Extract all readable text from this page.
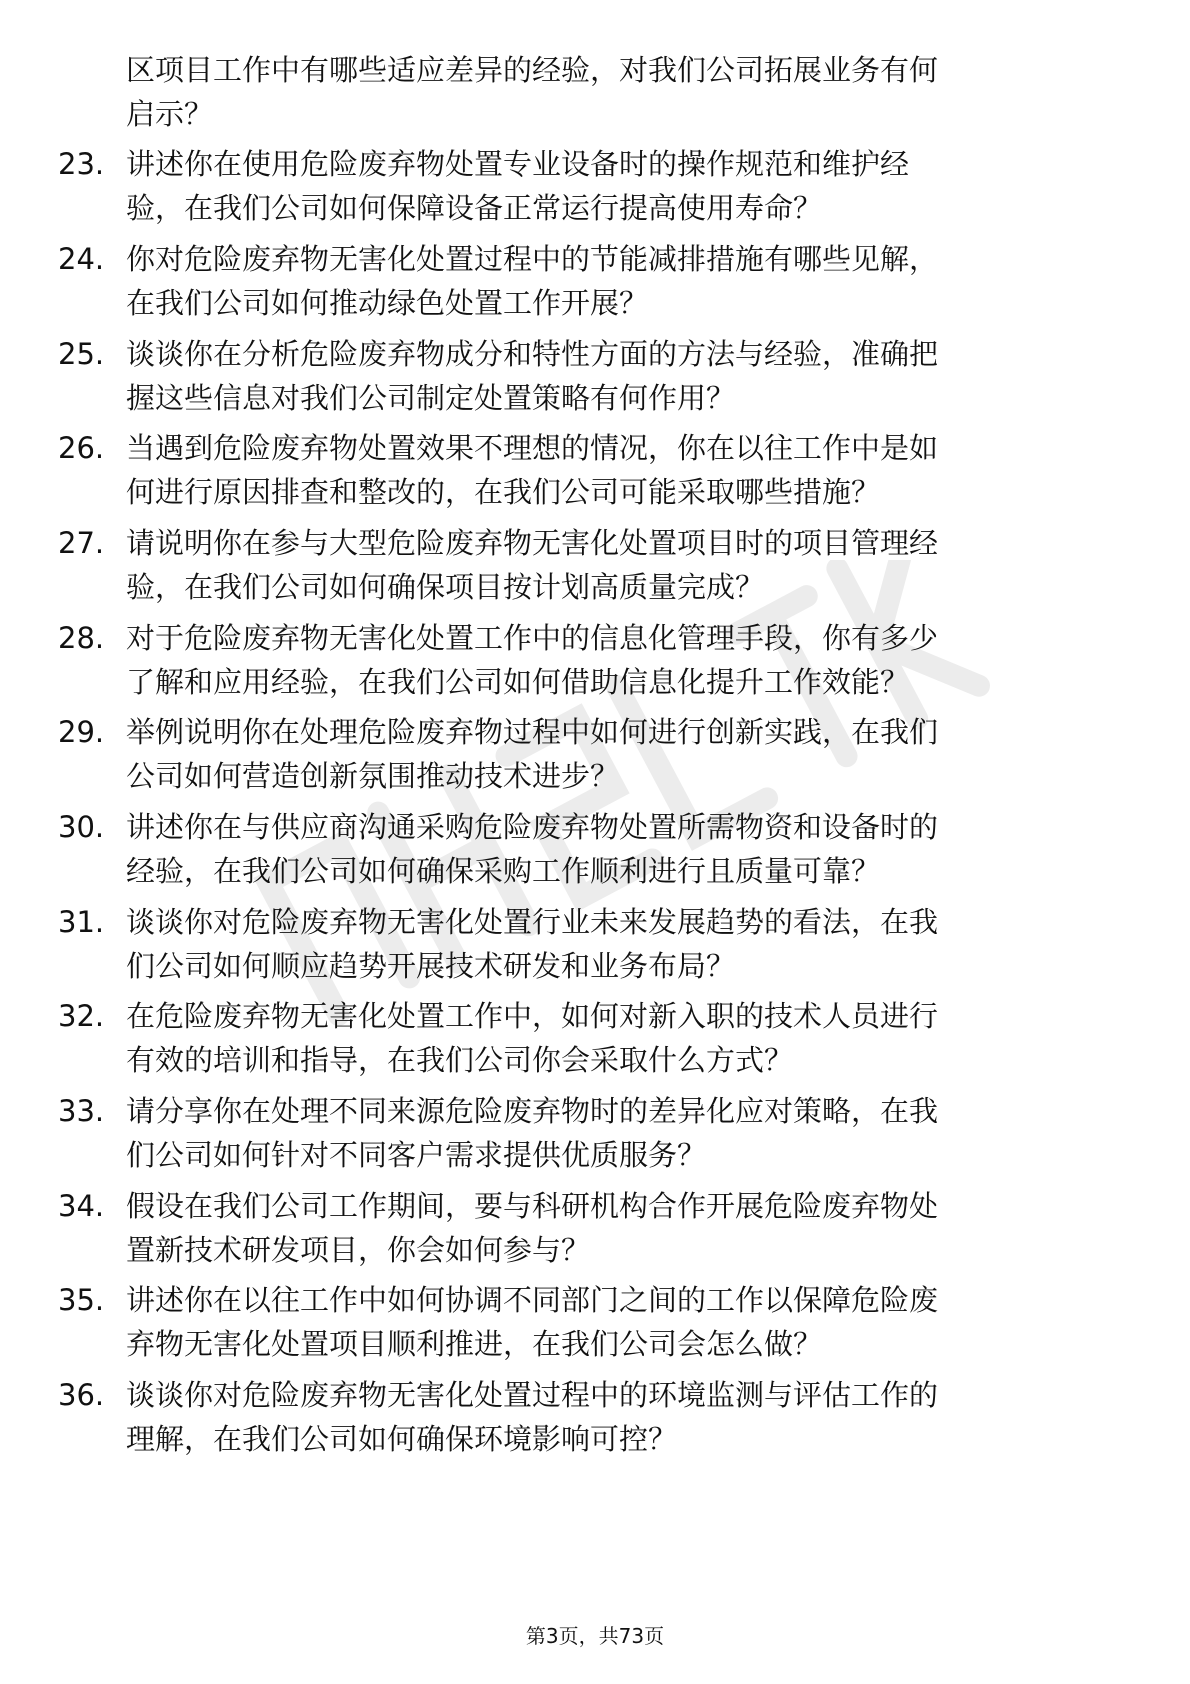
区项目工作中有哪些适应差异的经验，对我们公司拓展业务有何
启示？
23. 讲述你在使用危险废弃物处置专业设备时的操作规范和维护经
验，在我们公司如何保障设备正常运行提高使用寿命？
24. 你对危险废弃物无害化处置过程中的节能减排措施有哪些见解，
在我们公司如何推动绿色处置工作开展？
25. 谈谈你在分析危险废弃物成分和特性方面的方法与经验，准确把
握这些信息对我们公司制定处置策略有何作用？
26. 当遇到危险废弃物处置效果不理想的情况，你在以往工作中是如
何进行原因排查和整改的，在我们公司可能采取哪些措施？
27. 请说明你在参与大型危险废弃物无害化处置项目时的项目管理经
验，在我们公司如何确保项目按计划高质量完成？
28. 对于危险废弃物无害化处置工作中的信息化管理手段，你有多少
了解和应用经验，在我们公司如何借助信息化提升工作效能？
29. 举例说明你在处理危险废弃物过程中如何进行创新实践，在我们
公司如何营造创新氛围推动技术进步？
30. 讲述你在与供应商沟通采购危险废弃物处置所需物资和设备时的
经验，在我们公司如何确保采购工作顺利进行且质量可靠？
31. 谈谈你对危险废弃物无害化处置行业未来发展趋势的看法，在我
们公司如何顺应趋势开展技术研发和业务布局？
32. 在危险废弃物无害化处置工作中，如何对新入职的技术人员进行
有效的培训和指导，在我们公司你会采取什么方式？
33. 请分享你在处理不同来源危险废弃物时的差异化应对策略，在我
们公司如何针对不同客户需求提供优质服务？
34. 假设在我们公司工作期间，要与科研机构合作开展危险废弃物处
置新技术研发项目，你会如何参与？
35. 讲述你在以往工作中如何协调不同部门之间的工作以保障危险废
弃物无害化处置项目顺利推进，在我们公司会怎么做？
36. 谈谈你对危险废弃物无害化处置过程中的环境监测与评估工作的
理解，在我们公司如何确保环境影响可控？
第3页，共73页
